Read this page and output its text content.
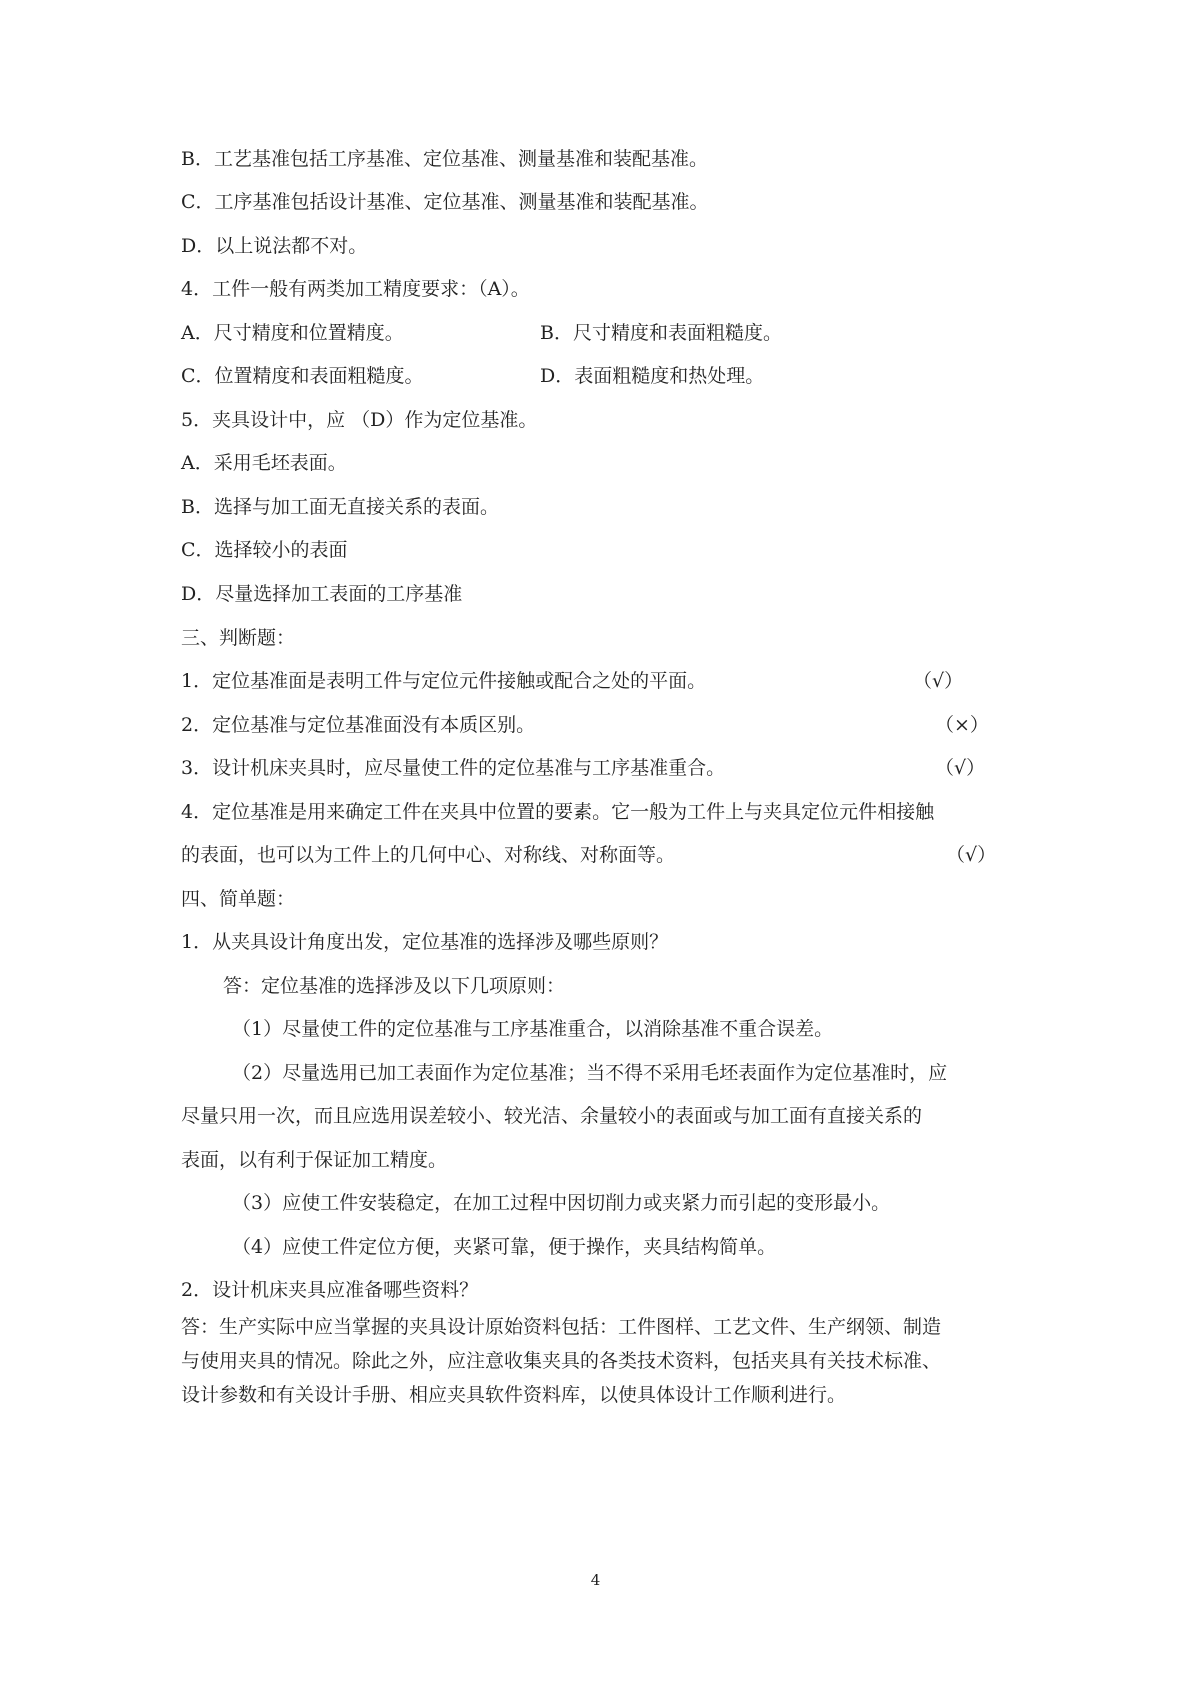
B．工艺基准包括工序基准、定位基准、测量基准和装配基准。
C．工序基准包括设计基准、定位基准、测量基准和装配基准。
D．以上说法都不对。
4．工件一般有两类加工精度要求：（A）。
A．尺寸精度和位置精度。	B．尺寸精度和表面粗糙度。
C．位置精度和表面粗糙度。	D．表面粗糙度和热处理。
5．夹具设计中，应 （D）作为定位基准。
A．采用毛坯表面。
B．选择与加工面无直接关系的表面。
C．选择较小的表面
D．尽量选择加工表面的工序基准
三、判断题：
1．定位基准面是表明工件与定位元件接触或配合之处的平面。	（√）
2．定位基准与定位基准面没有本质区别。	（×）
3．设计机床夹具时，应尽量使工件的定位基准与工序基准重合。	（√）
4．定位基准是用来确定工件在夹具中位置的要素。它一般为工件上与夹具定位元件相接触
的表面，也可以为工件上的几何中心、对称线、对称面等。	（√）
四、简单题：
1．从夹具设计角度出发，定位基准的选择涉及哪些原则？
答：定位基准的选择涉及以下几项原则：
（1）尽量使工件的定位基准与工序基准重合，以消除基准不重合误差。
（2）尽量选用已加工表面作为定位基准；当不得不采用毛坯表面作为定位基准时，应
尽量只用一次，而且应选用误差较小、较光洁、余量较小的表面或与加工面有直接关系的
表面，以有利于保证加工精度。
（3）应使工件安装稳定，在加工过程中因切削力或夹紧力而引起的变形最小。
（4）应使工件定位方便，夹紧可靠，便于操作，夹具结构简单。
2．设计机床夹具应准备哪些资料？
答：生产实际中应当掌握的夹具设计原始资料包括：工件图样、工艺文件、生产纲领、制造
与使用夹具的情况。除此之外，应注意收集夹具的各类技术资料，包括夹具有关技术标准、
设计参数和有关设计手册、相应夹具软件资料库，以使具体设计工作顺利进行。
4
